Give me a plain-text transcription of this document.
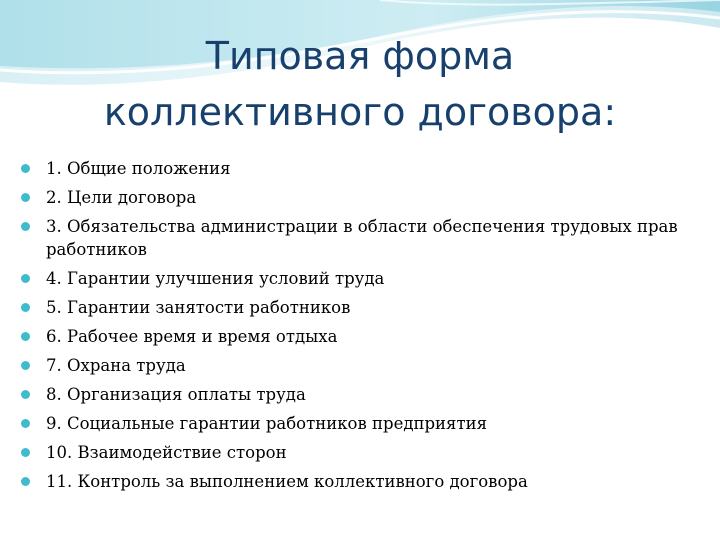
Типовая форма
коллективного договора:
1. Общие положения
2. Цели договора
3. Обязательства администрации в области обеспечения трудовых прав работников
4. Гарантии улучшения условий труда
5. Гарантии занятости работников
6. Рабочее время и время отдыха
7. Охрана труда
8. Организация оплаты труда
9. Социальные гарантии работников предприятия
10. Взаимодействие сторон
11. Контроль за выполнением коллективного договора
